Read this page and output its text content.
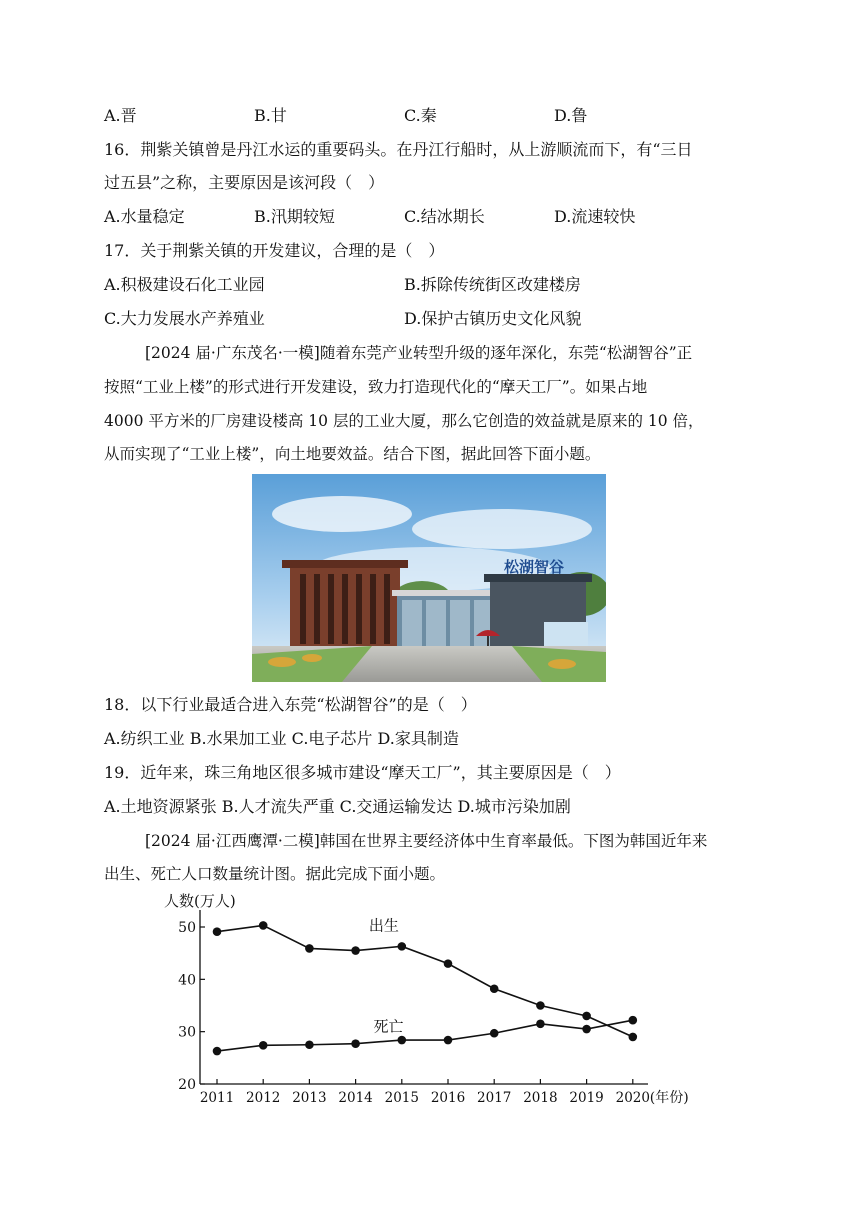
A.晋	B.甘	C.秦	D.鲁
16．荆紫关镇曾是丹江水运的重要码头。在丹江行船时，从上游顺流而下，有“三日
过五县”之称，主要原因是该河段（　）
A.水量稳定	B.汛期较短	C.结冰期长	D.流速较快
17．关于荆紫关镇的开发建议，合理的是（　）
A.积极建设石化工业园	B.拆除传统街区改建楼房
C.大力发展水产养殖业	D.保护古镇历史文化风貌
[2024 届·广东茂名·一模]随着东莞产业转型升级的逐年深化，东莞“松湖智谷”正
按照“工业上楼”的形式进行开发建设，致力打造现代化的“摩天工厂”。如果占地
4000 平方米的厂房建设楼高 10 层的工业大厦，那么它创造的效益就是原来的 10 倍，
从而实现了“工业上楼”，向土地要效益。结合下图，据此回答下面小题。
松湖智谷
18．以下行业最适合进入东莞“松湖智谷”的是（　）
A.纺织工业 B.水果加工业 C.电子芯片 D.家具制造
19．近年来，珠三角地区很多城市建设“摩天工厂”，其主要原因是（　）
A.土地资源紧张 B.人才流失严重 C.交通运输发达 D.城市污染加剧
[2024 届·江西鹰潭·二模]韩国在世界主要经济体中生育率最低。下图为韩国近年来
出生、死亡人口数量统计图。据此完成下面小题。
人数(万人)
50
40
30
20
2011 2012 2013 2014 2015 2016 2017 2018 2019 2020 (年份)
出生
死亡
